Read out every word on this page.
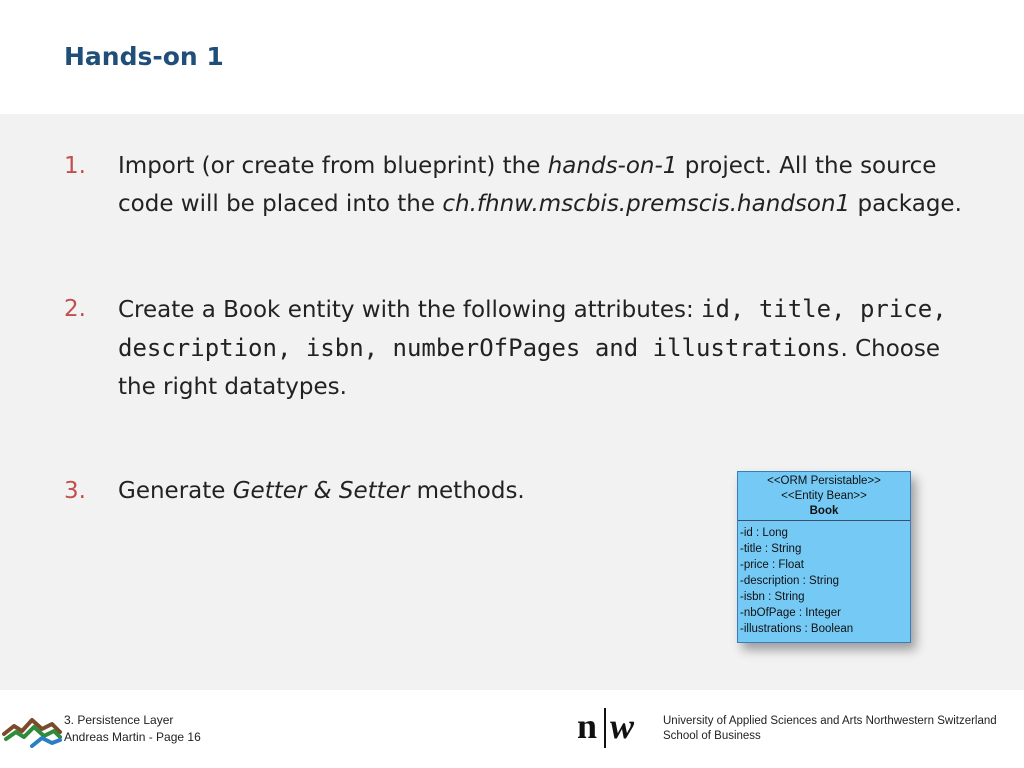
Hands-on 1
1. Import (or create from blueprint) the hands-on-1 project. All the source code will be placed into the ch.fhnw.mscbis.premscis.handson1 package.
2. Create a Book entity with the following attributes: id, title, price, description, isbn, numberOfPages and illustrations. Choose the right datatypes.
3. Generate Getter & Setter methods.	<<ORM Persistable>>
<<Entity Bean>>
Book
-id : Long
-title : String
-price : Float
-description : String
-isbn : String
-nbOfPage : Integer
-illustrations : Boolean
3. Persistence Layer
Andreas Martin - Page 16	n w	University of Applied Sciences and Arts Northwestern Switzerland
School of Business
